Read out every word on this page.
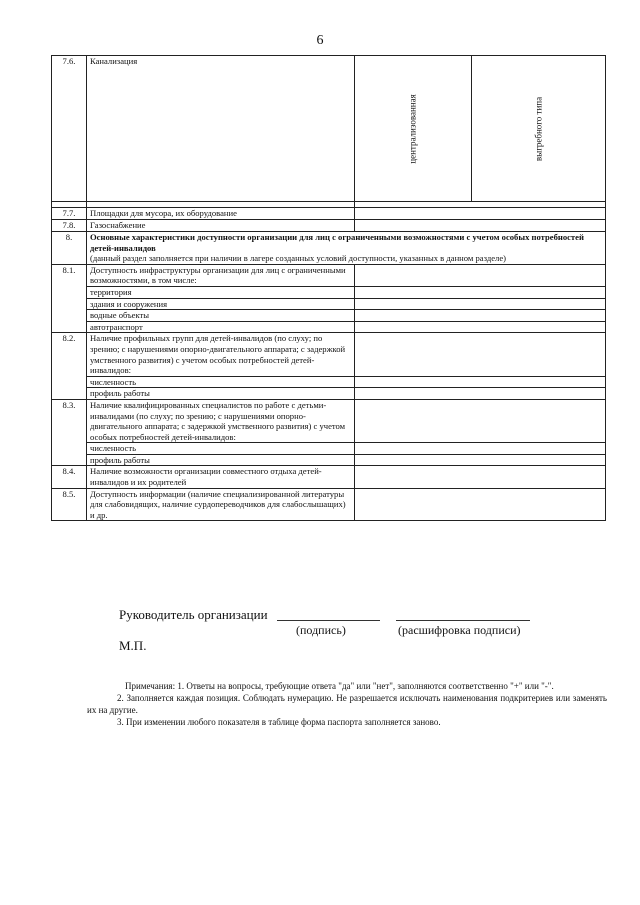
6
7.6.	Канализация	централизованная	выгребного типа

7.7.	Площадки для мусора, их оборудование		
7.8.	Газоснабжение		
8.	Основные характеристики доступности организации для лиц с ограниченными возможностями с учетом особых потребностей детей-инвалидов
(данный раздел заполняется при наличии в лагере созданных условий доступности, указанных в данном разделе)		

8.1.	Доступность инфраструктуры организации для лиц с ограниченными возможностями, в том числе:		
	территория		
	здания и сооружения		
	водные объекты		
	автотранспорт		
8.2.	Наличие профильных групп для детей-инвалидов (по слуху; по зрению; с нарушениями опорно-двигательного аппарата; с задержкой умственного развития) с учетом особых потребностей детей-инвалидов:		
	численность		
	профиль работы		
8.3.	Наличие квалифицированных специалистов по работе с детьми-инвалидами (по слуху; по зрению; с нарушениями опорно-двигательного аппарата; с задержкой умственного развития) с учетом особых потребностей детей-инвалидов:		
	численность		
	профиль работы		
8.4.	Наличие возможности организации совместного отдыха детей-инвалидов и их родителей		
8.5.	Доступность информации (наличие специализированной литературы для слабовидящих, наличие сурдопереводчиков для слабослышащих) и др.		
Руководитель организации
(подпись)	(расшифровка подписи)
М.П.

Примечания: 1. Ответы на вопросы, требующие ответа "да" или "нет", заполняются соответственно "+" или "-".

2. Заполняется каждая позиция. Соблюдать нумерацию. Не разрешается исключать наименования подкритериев или заменять их на другие.

3. При изменении любого показателя в таблице форма паспорта заполняется заново.
